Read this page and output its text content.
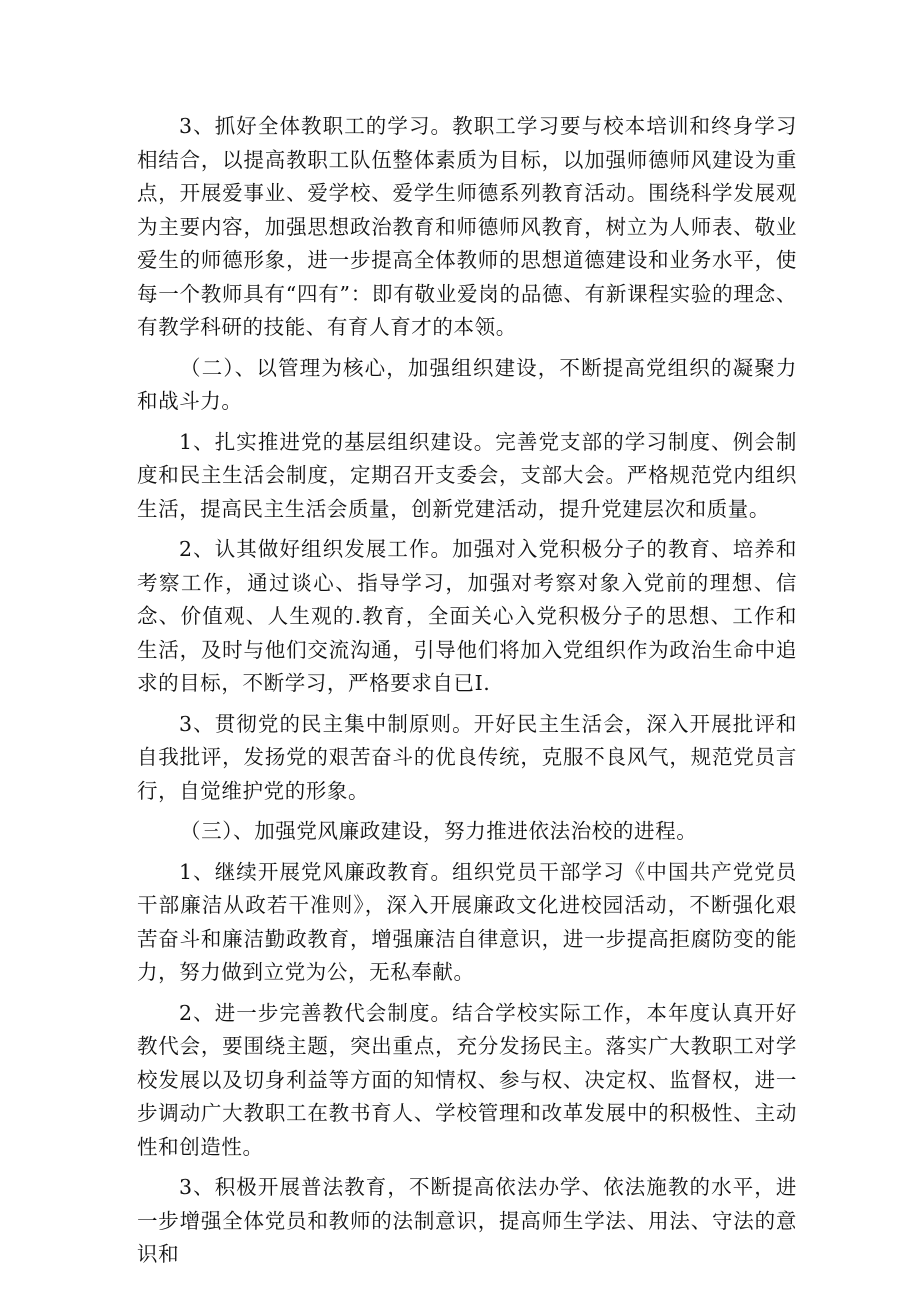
3、抓好全体教职工的学习。教职工学习要与校本培训和终身学习相结合，以提高教职工队伍整体素质为目标，以加强师德师风建设为重点，开展爱事业、爱学校、爱学生师德系列教育活动。围绕科学发展观为主要内容，加强思想政治教育和师德师风教育，树立为人师表、敬业爱生的师德形象，进一步提高全体教师的思想道德建设和业务水平，使每一个教师具有“四有”：即有敬业爱岗的品德、有新课程实验的理念、有教学科研的技能、有育人育才的本领。

（二）、以管理为核心，加强组织建设，不断提高党组织的凝聚力和战斗力。

1、扎实推进党的基层组织建设。完善党支部的学习制度、例会制度和民主生活会制度，定期召开支委会，支部大会。严格规范党内组织生活，提高民主生活会质量，创新党建活动，提升党建层次和质量。

2、认其做好组织发展工作。加强对入党积极分子的教育、培养和考察工作，通过谈心、指导学习，加强对考察对象入党前的理想、信念、价值观、人生观的.教育，全面关心入党积极分子的思想、工作和生活，及时与他们交流沟通，引导他们将加入党组织作为政治生命中追求的目标，不断学习，严格要求自已I.

3、贯彻党的民主集中制原则。开好民主生活会，深入开展批评和自我批评，发扬党的艰苦奋斗的优良传统，克服不良风气，规范党员言行，自觉维护党的形象。

（三）、加强党风廉政建设，努力推进依法治校的进程。

1、继续开展党风廉政教育。组织党员干部学习《中国共产党党员干部廉洁从政若干准则》，深入开展廉政文化进校园活动，不断强化艰苦奋斗和廉洁勤政教育，增强廉洁自律意识，进一步提高拒腐防变的能力，努力做到立党为公，无私奉献。

2、进一步完善教代会制度。结合学校实际工作，本年度认真开好教代会，要围绕主题，突出重点，充分发扬民主。落实广大教职工对学校发展以及切身利益等方面的知情权、参与权、决定权、监督权，进一步调动广大教职工在教书育人、学校管理和改革发展中的积极性、主动性和创造性。

3、积极开展普法教育，不断提高依法办学、依法施教的水平，进一步增强全体党员和教师的法制意识，提高师生学法、用法、守法的意识和
